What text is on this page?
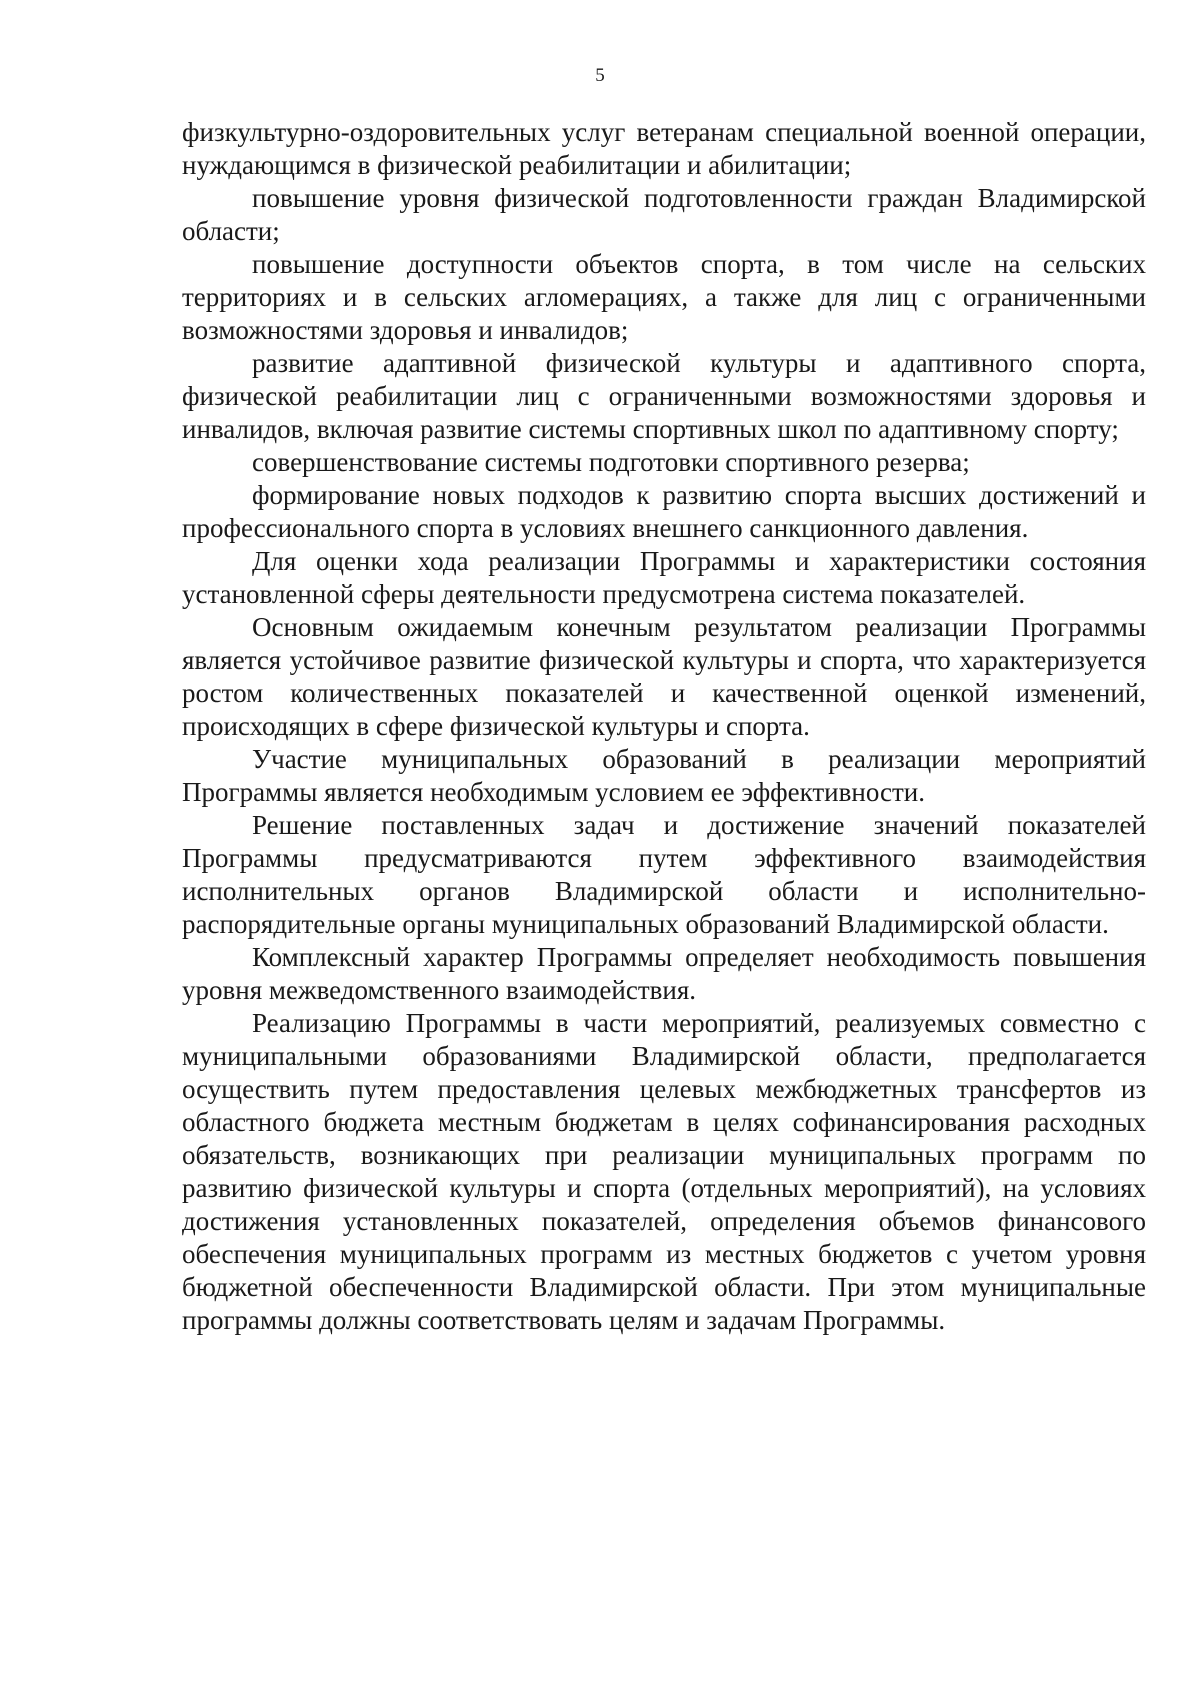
5

физкультурно-оздоровительных услуг ветеранам специальной военной операции, нуждающимся в физической реабилитации и абилитации;

повышение уровня физической подготовленности граждан Владимирской области;

повышение доступности объектов спорта, в том числе на сельских территориях и в сельских агломерациях, а также для лиц с ограниченными возможностями здоровья и инвалидов;

развитие адаптивной физической культуры и адаптивного спорта, физической реабилитации лиц с ограниченными возможностями здоровья и инвалидов, включая развитие системы спортивных школ по адаптивному спорту;

совершенствование системы подготовки спортивного резерва;

формирование новых подходов к развитию спорта высших достижений и профессионального спорта в условиях внешнего санкционного давления.

Для оценки хода реализации Программы и характеристики состояния установленной сферы деятельности предусмотрена система показателей.

Основным ожидаемым конечным результатом реализации Программы является устойчивое развитие физической культуры и спорта, что характеризуется ростом количественных показателей и качественной оценкой изменений, происходящих в сфере физической культуры и спорта.

Участие муниципальных образований в реализации мероприятий Программы является необходимым условием ее эффективности.

Решение поставленных задач и достижение значений показателей Программы предусматриваются путем эффективного взаимодействия исполнительных органов Владимирской области и исполнительно-распорядительные органы муниципальных образований Владимирской области.

Комплексный характер Программы определяет необходимость повышения уровня межведомственного взаимодействия.

Реализацию Программы в части мероприятий, реализуемых совместно с муниципальными образованиями Владимирской области, предполагается осуществить путем предоставления целевых межбюджетных трансфертов из областного бюджета местным бюджетам в целях софинансирования расходных обязательств, возникающих при реализации муниципальных программ по развитию физической культуры и спорта (отдельных мероприятий), на условиях достижения установленных показателей, определения объемов финансового обеспечения муниципальных программ из местных бюджетов с учетом уровня бюджетной обеспеченности Владимирской области. При этом муниципальные программы должны соответствовать целям и задачам Программы.
